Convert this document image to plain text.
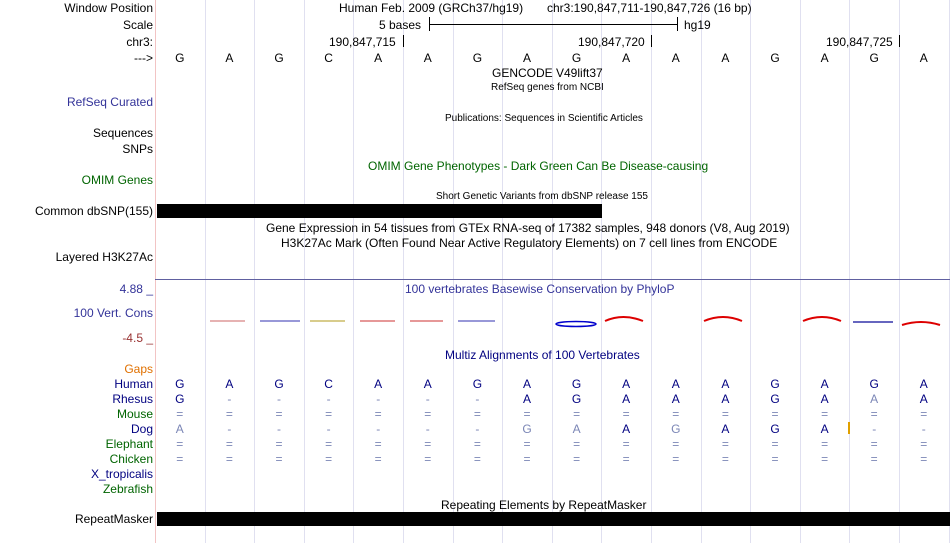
Window Position	Human Feb. 2009 (GRCh37/hg19) chr3:190,847,711-190,847,726 (16 bp)
Scale	5 bases	hg19
chr3:	190,847,715	190,847,720	190,847,725
---> G	A	G	C	A	A	G	A	G	A	A	A	G	A	G	A
GENCODE V49lift37
RefSeq genes from NCBI
RefSeq Curated
Sequences
Publications: Sequences in Scientific Articles
SNPs
OMIM Gene Phenotypes - Dark Green Can Be Disease-causing
OMIM Genes
Short Genetic Variants from dbSNP release 155
Common dbSNP(155)
Gene Expression in 54 tissues from GTEx RNA-seq of 17382 samples, 948 donors (V8, Aug 2019)
H3K27Ac Mark (Often Found Near Active Regulatory Elements) on 7 cell lines from ENCODE
Layered H3K27Ac
4.88 _	100 vertebrates Basewise Conservation by PhyloP
100 Vert. Cons
-4.5 _
Gaps
Multiz Alignments of 100 Vertebrates
Human G	A	G	C	A	A	G	A	G	A	A	A	G	A	G	A
Rhesus G	-	-	-	-	-	-	A	G	A	A	A	G	A	A	A
Mouse =	=	=	=	=	=	=	=	=	=	=	=	=	=	=	=
Dog A	-	-	-	-	-	-	G	A	A	G	A	G	A	-	-
Elephant =	=	=	=	=	=	=	=	=	=	=	=	=	=	=	=
Chicken =	=	=	=	=	=	=	=	=	=	=	=	=	=	=	=
X_tropicalis
Zebrafish
Repeating Elements by RepeatMasker
RepeatMasker
